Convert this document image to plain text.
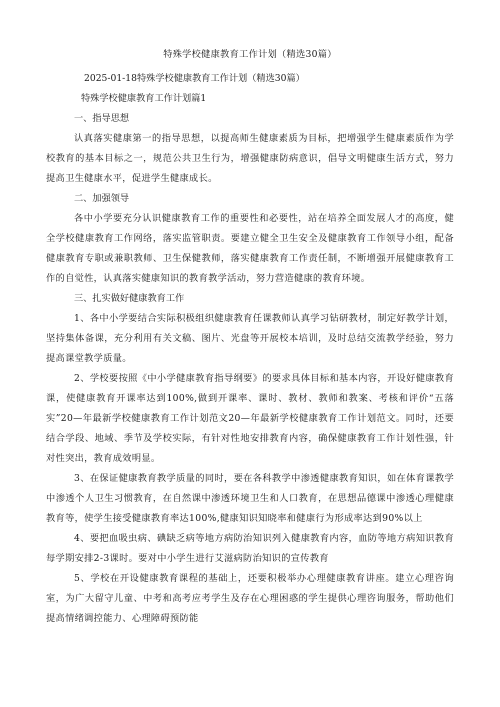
特殊学校健康教育工作计划（精选30篇）
2025-01-18特殊学校健康教育工作计划（精选30篇）
特殊学校健康教育工作计划篇1
一、指导思想

认真落实健康第一的指导思想，以提高师生健康素质为目标，把增强学生健康素质作为学校教育的基本目标之一，规范公共卫生行为，增强健康防病意识，倡导文明健康生活方式，努力提高卫生健康水平，促进学生健康成长。

二、加强领导

各中小学要充分认识健康教育工作的重要性和必要性，站在培养全面发展人才的高度，健全学校健康教育工作网络，落实监管职责。要建立健全卫生安全及健康教育工作领导小组，配备健康教育专职或兼职教师、卫生保健教师，落实健康教育工作责任制，不断增强开展健康教育工作的自觉性，认真落实健康知识的教育教学活动，努力营造健康的教育环境。

三、扎实做好健康教育工作

1、各中小学要结合实际积极组织健康教育任课教师认真学习钻研教材，制定好教学计划，坚持集体备课，充分利用有关文稿、图片、光盘等开展校本培训，及时总结交流教学经验，努力提高课堂教学质量。

2、学校要按照《中小学健康教育指导纲要》的要求具体目标和基本内容，开设好健康教育课，使健康教育开课率达到100%,做到开课率、课时、教材、教师和教案、考核和评价“五落实”20—年最新学校健康教育工作计划范文20—年最新学校健康教育工作计划范文。同时，还要结合学段、地域、季节及学校实际，有针对性地安排教育内容，确保健康教育工作计划性强，针对性突出，教育成效明显。

3、在保证健康教育教学质量的同时，要在各科教学中渗透健康教育知识，如在体育课教学中渗透个人卫生习惯教育，在自然课中渗透环境卫生和人口教育，在思想品德课中渗透心理健康教育等，使学生接受健康教育率达100%,健康知识知晓率和健康行为形成率达到90%以上

4、要把血吸虫病、碘缺乏病等地方病防治知识列入健康教育内容，血防等地方病知识教育每学期安排2-3课时。要对中小学生进行艾滋病防治知识的宣传教育

5、学校在开设健康教育课程的基础上，还要积极举办心理健康教育讲座。建立心理咨询室，为广大留守儿童、中考和高考应考学生及存在心理困惑的学生提供心理咨询服务，帮助他们提高情绪调控能力、心理障碍预防能
